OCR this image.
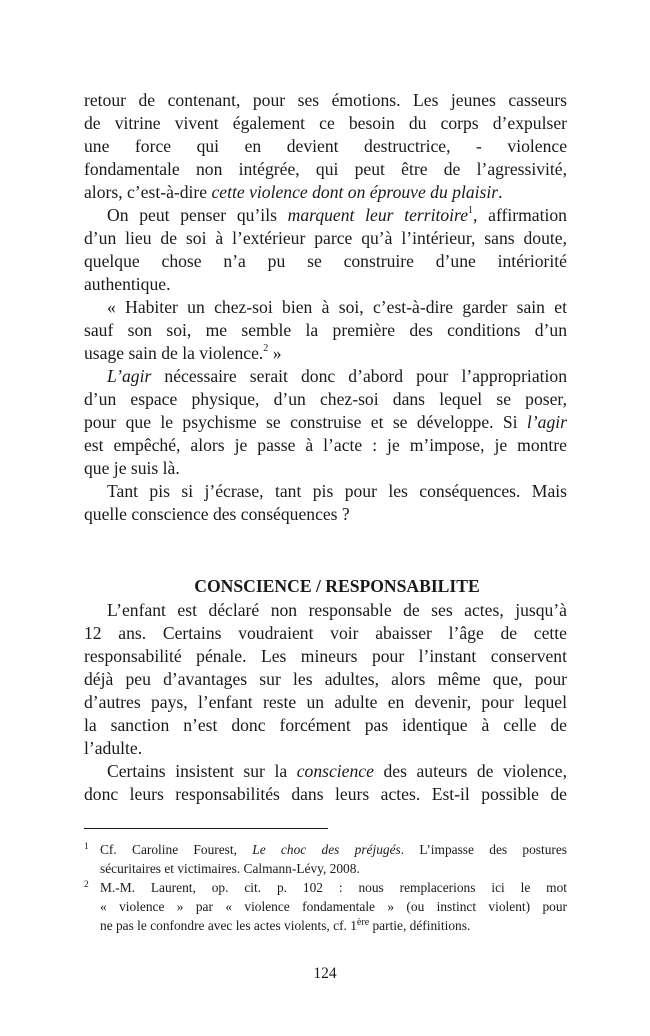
retour de contenant, pour ses émotions. Les jeunes casseurs
de vitrine vivent également ce besoin du corps d’expulser
une force qui en devient destructrice, - violence
fondamentale non intégrée, qui peut être de l’agressivité,
alors, c’est-à-dire cette violence dont on éprouve du plaisir.
On peut penser qu’ils marquent leur territoire$^1$, affirmation
d’un lieu de soi à l’extérieur parce qu’à l’intérieur, sans doute,
quelque chose n’a pu se construire d’une intériorité
authentique.
« Habiter un chez-soi bien à soi, c’est-à-dire garder sain et
sauf son soi, me semble la première des conditions d’un
usage sain de la violence.$^2$ »
L’agir nécessaire serait donc d’abord pour l’appropriation
d’un espace physique, d’un chez-soi dans lequel se poser,
pour que le psychisme se construise et se développe. Si l’agir
est empêché, alors je passe à l’acte : je m’impose, je montre
que je suis là.
Tant pis si j’écrase, tant pis pour les conséquences. Mais
quelle conscience des conséquences ?
CONSCIENCE / RESPONSABILITE
L’enfant est déclaré non responsable de ses actes, jusqu’à
12 ans. Certains voudraient voir abaisser l’âge de cette
responsabilité pénale. Les mineurs pour l’instant conservent
déjà peu d’avantages sur les adultes, alors même que, pour
d’autres pays, l’enfant reste un adulte en devenir, pour lequel
la sanction n’est donc forcément pas identique à celle de
l’adulte.
Certains insistent sur la conscience des auteurs de violence,
donc leurs responsabilités dans leurs actes. Est-il possible de
1 Cf. Caroline Fourest, Le choc des préjugés. L’impasse des postures
sécuritaires et victimaires. Calmann-Lévy, 2008.
2 M.-M. Laurent, op. cit. p. 102 : nous remplacerions ici le mot
« violence » par « violence fondamentale » (ou instinct violent) pour
ne pas le confondre avec les actes violents, cf. 1ère partie, définitions.
124
